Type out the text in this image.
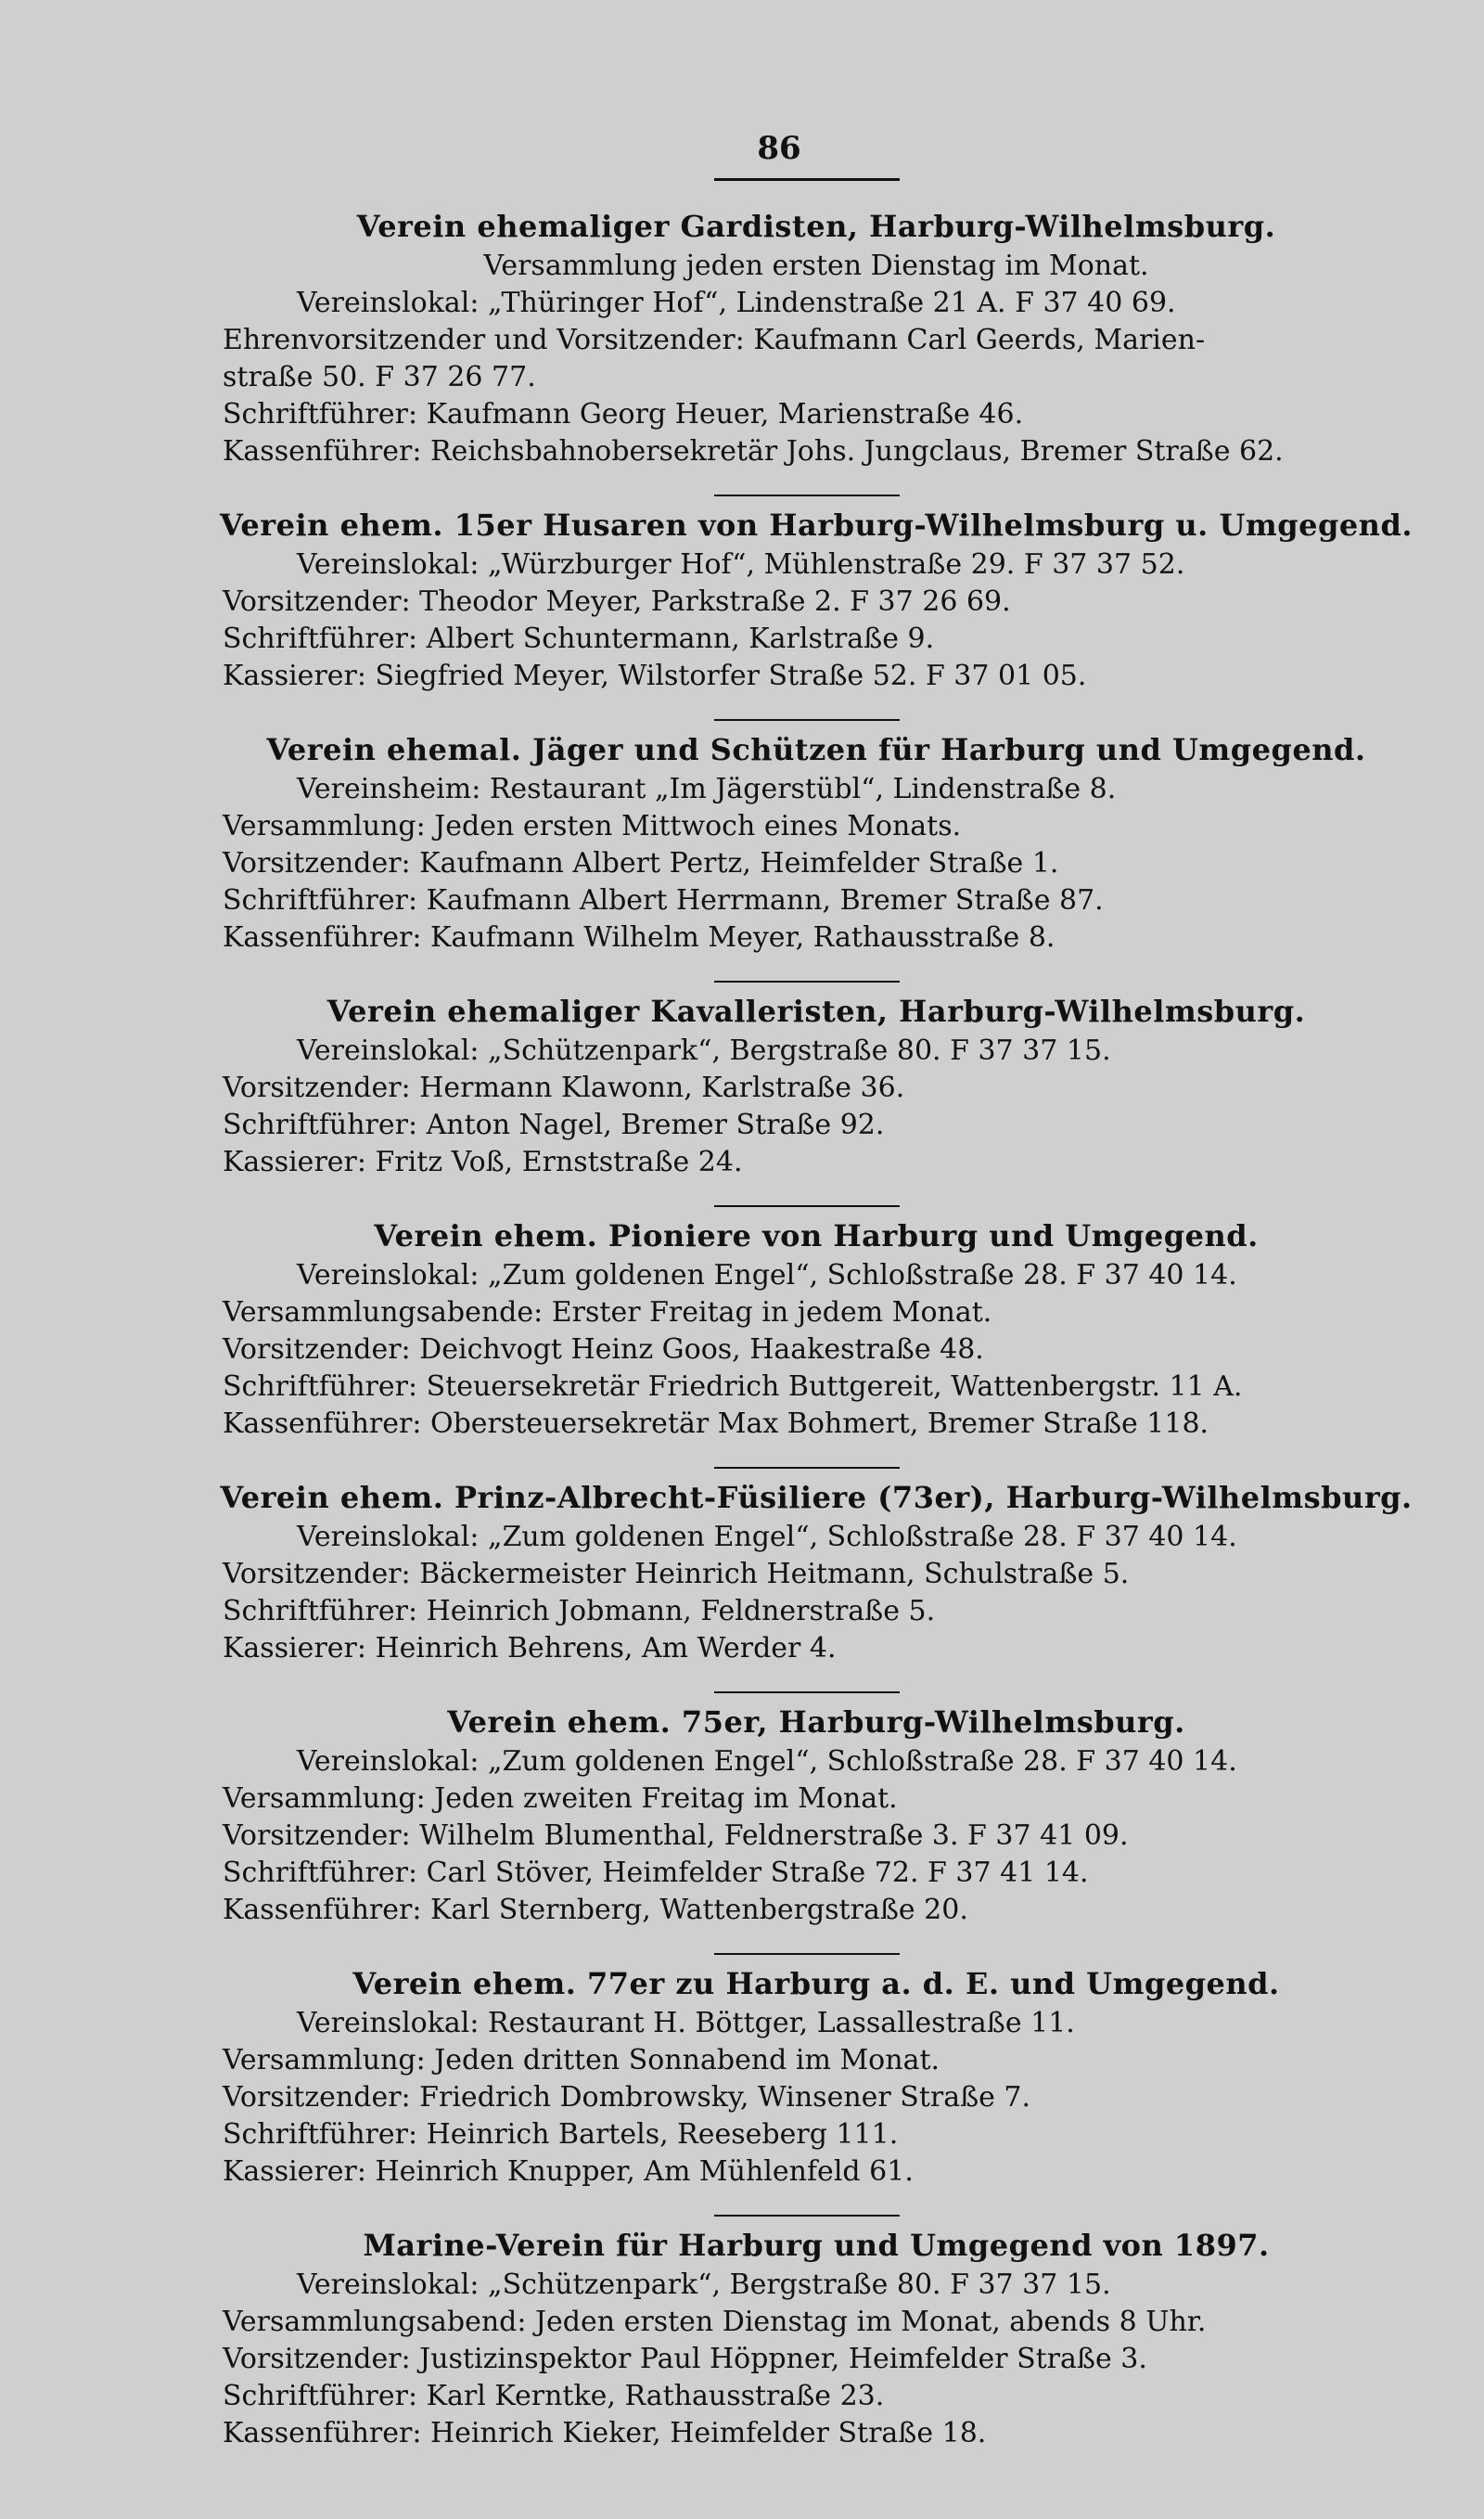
86
Verein ehemaliger Gardisten, Harburg-Wilhelmsburg.
Versammlung jeden ersten Dienstag im Monat.
Vereinslokal: „Thüringer Hof“, Lindenstraße 21 A. F 37 40 69.
Ehrenvorsitzender und Vorsitzender: Kaufmann Carl Geerds, Marien-
straße 50. F 37 26 77.
Schriftführer: Kaufmann Georg Heuer, Marienstraße 46.
Kassenführer: Reichsbahnobersekretär Johs. Jungclaus, Bremer Straße 62.
Verein ehem. 15er Husaren von Harburg-Wilhelmsburg u. Umgegend.
Vereinslokal: „Würzburger Hof“, Mühlenstraße 29. F 37 37 52.
Vorsitzender: Theodor Meyer, Parkstraße 2. F 37 26 69.
Schriftführer: Albert Schuntermann, Karlstraße 9.
Kassierer: Siegfried Meyer, Wilstorfer Straße 52. F 37 01 05.
Verein ehemal. Jäger und Schützen für Harburg und Umgegend.
Vereinsheim: Restaurant „Im Jägerstübl“, Lindenstraße 8.
Versammlung: Jeden ersten Mittwoch eines Monats.
Vorsitzender: Kaufmann Albert Pertz, Heimfelder Straße 1.
Schriftführer: Kaufmann Albert Herrmann, Bremer Straße 87.
Kassenführer: Kaufmann Wilhelm Meyer, Rathausstraße 8.
Verein ehemaliger Kavalleristen, Harburg-Wilhelmsburg.
Vereinslokal: „Schützenpark“, Bergstraße 80. F 37 37 15.
Vorsitzender: Hermann Klawonn, Karlstraße 36.
Schriftführer: Anton Nagel, Bremer Straße 92.
Kassierer: Fritz Voß, Ernststraße 24.
Verein ehem. Pioniere von Harburg und Umgegend.
Vereinslokal: „Zum goldenen Engel“, Schloßstraße 28. F 37 40 14.
Versammlungsabende: Erster Freitag in jedem Monat.
Vorsitzender: Deichvogt Heinz Goos, Haakestraße 48.
Schriftführer: Steuersekretär Friedrich Buttgereit, Wattenbergstr. 11 A.
Kassenführer: Obersteuersekretär Max Bohmert, Bremer Straße 118.
Verein ehem. Prinz-Albrecht-Füsiliere (73er), Harburg-Wilhelmsburg.
Vereinslokal: „Zum goldenen Engel“, Schloßstraße 28. F 37 40 14.
Vorsitzender: Bäckermeister Heinrich Heitmann, Schulstraße 5.
Schriftführer: Heinrich Jobmann, Feldnerstraße 5.
Kassierer: Heinrich Behrens, Am Werder 4.
Verein ehem. 75er, Harburg-Wilhelmsburg.
Vereinslokal: „Zum goldenen Engel“, Schloßstraße 28. F 37 40 14.
Versammlung: Jeden zweiten Freitag im Monat.
Vorsitzender: Wilhelm Blumenthal, Feldnerstraße 3. F 37 41 09.
Schriftführer: Carl Stöver, Heimfelder Straße 72. F 37 41 14.
Kassenführer: Karl Sternberg, Wattenbergstraße 20.
Verein ehem. 77er zu Harburg a. d. E. und Umgegend.
Vereinslokal: Restaurant H. Böttger, Lassallestraße 11.
Versammlung: Jeden dritten Sonnabend im Monat.
Vorsitzender: Friedrich Dombrowsky, Winsener Straße 7.
Schriftführer: Heinrich Bartels, Reeseberg 111.
Kassierer: Heinrich Knupper, Am Mühlenfeld 61.
Marine-Verein für Harburg und Umgegend von 1897.
Vereinslokal: „Schützenpark“, Bergstraße 80. F 37 37 15.
Versammlungsabend: Jeden ersten Dienstag im Monat, abends 8 Uhr.
Vorsitzender: Justizinspektor Paul Höppner, Heimfelder Straße 3.
Schriftführer: Karl Kerntke, Rathausstraße 23.
Kassenführer: Heinrich Kieker, Heimfelder Straße 18.
